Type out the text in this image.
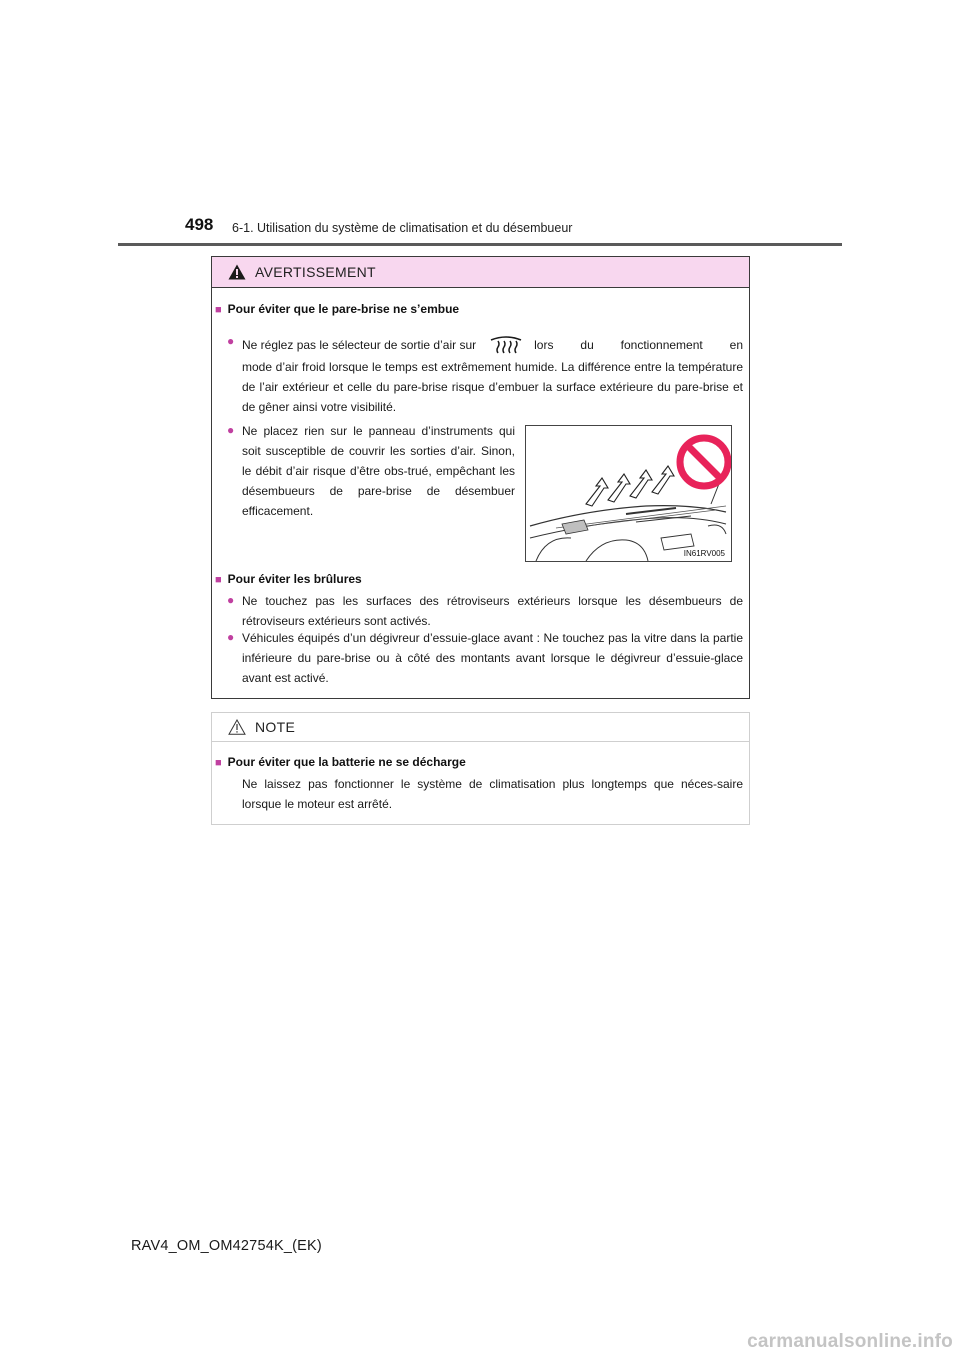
498 6-1. Utilisation du système de climatisation et du désembueur
AVERTISSEMENT
■ Pour éviter que le pare-brise ne s’embue
● Ne réglez pas le sélecteur de sortie d’air sur	lors du fonctionnement en
mode d’air froid lorsque le temps est extrêmement humide. La différence entre la température de l’air extérieur et celle du pare-brise risque d’embuer la surface extérieure du pare-brise et de gêner ainsi votre visibilité.
● Ne placez rien sur le panneau d’instruments qui soit susceptible de couvrir les sorties d’air. Sinon, le débit d’air risque d’être obs-trué, empêchant les désembueurs de pare-brise de désembuer efficacement.
IN61RV005
■ Pour éviter les brûlures
● Ne touchez pas les surfaces des rétroviseurs extérieurs lorsque les désembueurs de rétroviseurs extérieurs sont activés.
● Véhicules équipés d’un dégivreur d’essuie-glace avant : Ne touchez pas la vitre dans la partie inférieure du pare-brise ou à côté des montants avant lorsque le dégivreur d’essuie-glace avant est activé.
NOTE
■ Pour éviter que la batterie ne se décharge
Ne laissez pas fonctionner le système de climatisation plus longtemps que néces-saire lorsque le moteur est arrêté.
RAV4_OM_OM42754K_(EK)
carmanualsonline.info
